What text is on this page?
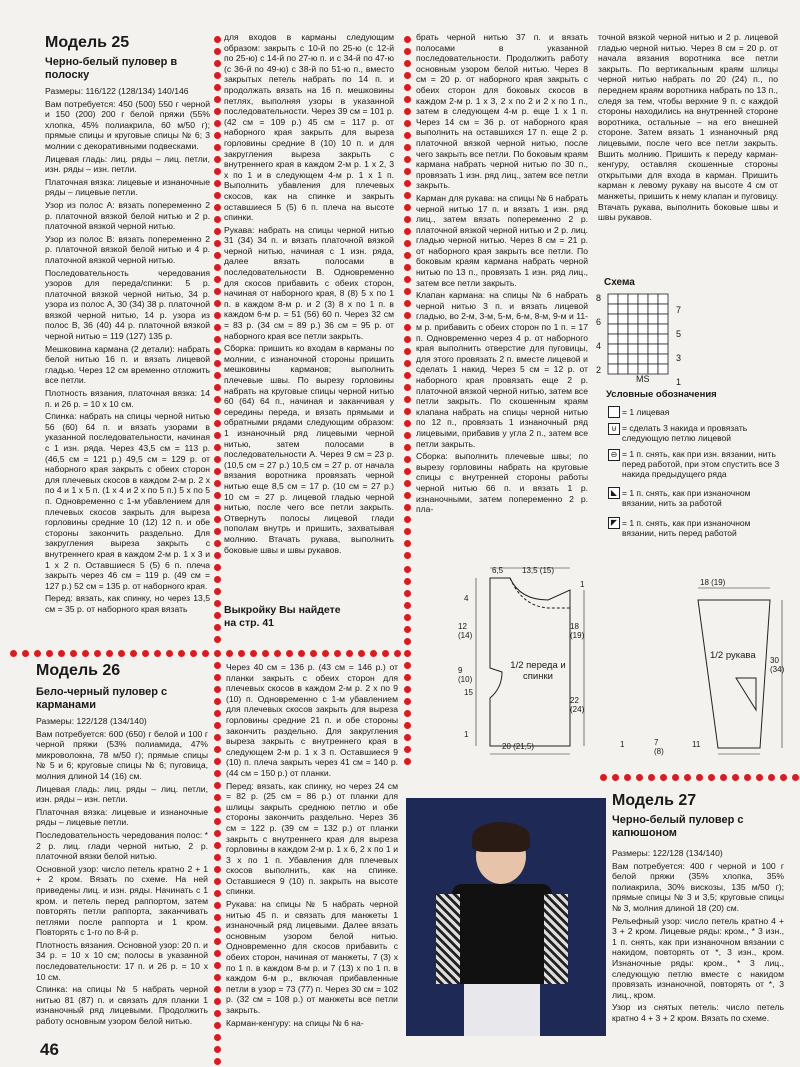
Модель 25
Черно-белый пуловер в полоску

Размеры: 116/122 (128/134) 140/146

Вам потребуется: 450 (500) 550 г черной и 150 (200) 200 г белой пряжи (55% хлопка, 45% полиакрила, 60 м/50 г); прямые спицы и круговые спицы № 6; 3 молнии с декоративными подвесками.

Лицевая гладь: лиц. ряды – лиц. петли, изн. ряды – изн. петли.

Платочная вязка: лицевые и изнаночные ряды – лицевые петли.

Узор из полос А: вязать попеременно 2 р. платочной вязкой белой нитью и 2 р. платочной вязкой черной нитью.

Узор из полос В: вязать попеременно 2 р. платочной вязкой белой нитью и 4 р. платочной вязкой черной нитью.

Последовательность чередования узоров для переда/спинки: 5 р. платочной вязкой черной нитью, 34 р. узора из полос А, 30 (34) 38 р. платочной вязкой черной нитью, 14 р. узора из полос В, 36 (40) 44 р. платочной вязкой черной нитью = 119 (127) 135 р.

Мешковина кармана (2 детали): набрать белой нитью 16 п. и вязать лицевой гладью. Через 12 см временно отложить все петли.

Плотность вязания, платочная вязка: 14 п. и 26 р. = 10 х 10 см.

Спинка: набрать на спицы черной нитью 56 (60) 64 п. и вязать узорами в указанной последовательности, начиная с 1 изн. ряда. Через 43,5 см = 113 р. (46,5 см = 121 р.) 49,5 см = 129 р. от наборного края закрыть с обеих сторон для плечевых скосов в каждом 2-м р. 2 х по 4 и 1 х 5 п. (1 х 4 и 2 х по 5 п.) 5 х по 5 п. Одновременно с 1-м убавлением для плечевых скосов закрыть для выреза горловины средние 10 (12) 12 п. и обе стороны закончить раздельно. Для закругления выреза закрыть с внутреннего края в каждом 2-м р. 1 х 3 и 1 х 2 п. Оставшиеся 5 (5) 6 п. плеча закрыть через 46 см = 119 р. (49 см = 127 р.) 52 см = 135 р. от наборного края.

Перед: вязать, как спинку, но через 13,5 см = 35 р. от наборного края вязать

для входов в карманы следующим образом: закрыть с 10-й по 25-ю (с 12-й по 25-ю) с 14-й по 27-ю п. и с 34-й по 47-ю (с 36-й по 49-ю) с 38-й по 51-ю п., вместо закрытых петель набрать по 14 п. и продолжать вязать на 16 п. мешковины петлях, выполняя узоры в указанной последовательности. Через 39 см = 101 р. (42 см = 109 р.) 45 см = 117 р. от наборного края закрыть для выреза горловины средние 8 (10) 10 п. и для закругления выреза закрыть с внутреннего края в каждом 2-м р. 1 х 2, 3 х по 1 и в следующем 4-м р. 1 х 1 п. Выполнить убавления для плечевых скосов, как на спинке и закрыть оставшиеся 5 (5) 6 п. плеча на высоте спинки.

Рукава: набрать на спицы черной нитью 31 (34) 34 п. и вязать платочной вязкой черной нитью, начиная с 1 изн. ряда, далее вязать полосами в последовательности В. Одновременно для скосов прибавить с обеих сторон, начиная от наборного края, 8 (8) 5 х по 1 п. в каждом 8-м р. и 2 (3) 8 х по 1 п. в каждом 6-м р. = 51 (56) 60 п. Через 32 см = 83 р. (34 см = 89 р.) 36 см = 95 р. от наборного края все петли закрыть.

Сборка: пришить ко входам в карманы по молнии, с изнаночной стороны пришить мешковины карманов; выполнить плечевые швы. По вырезу горловины набрать на круговые спицы черной нитью 60 (64) 64 п., начиная и заканчивая у середины переда, и вязать прямыми и обратными рядами следующим образом: 1 изнаночный ряд лицевыми черной нитью, затем полосами в последовательности А. Через 9 см = 23 р. (10,5 см = 27 р.) 10,5 см = 27 р. от начала вязания воротника провязать черной нитью еще 8,5 см = 17 р. (10 см = 27 р.) 10 см = 27 р. лицевой гладью черной нитью, после чего все петли закрыть. Отвернуть полосы лицевой глади пополам внутрь и пришить, захватывая молнию. Втачать рукава, выполнить боковые швы и швы рукавов.

Выкройку Вы найдете на стр. 41

брать черной нитью 37 п. и вязать полосами в указанной последовательности. Продолжить работу основным узором белой нитью. Через 8 см = 20 р. от наборного края закрыть с обеих сторон для боковых скосов в каждом 2-м р. 1 х 3, 2 х по 2 и 2 х по 1 п., затем в следующем 4-м р. еще 1 х 1 п. Через 14 см = 36 р. от наборного края выполнить на оставшихся 17 п. еще 2 р. платочной вязкой черной нитью, после чего закрыть все петли. По боковым краям кармана набрать черной нитью по 30 п., провязать 1 изн. ряд лиц., затем все петли закрыть.

Карман для рукава: на спицы № 6 набрать черной нитью 17 п. и вязать 1 изн. ряд лиц., затем вязать попеременно 2 р. платочной вязкой черной нитью и 2 р. лиц. гладью черной нитью. Через 8 см = 21 р. от наборного края закрыть все петли. По боковым краям кармана набрать черной нитью по 13 п., провязать 1 изн. ряд лиц., затем все петли закрыть.

Клапан кармана: на спицы № 6 набрать черной нитью 3 п. и вязать лицевой гладью, во 2-м, 3-м, 5-м, 6-м, 8-м, 9-м и 11-м р. прибавить с обеих сторон по 1 п. = 17 п. Одновременно через 4 р. от наборного края выполнить отверстие для пуговицы, для этого провязать 2 п. вместе лицевой и сделать 1 накид. Через 5 см = 12 р. от наборного края провязать еще 2 р. платочной вязкой черной нитью, затем все петли закрыть. По скошенным краям клапана набрать на спицы черной нитью по 12 п., провязать 1 изнаночный ряд лицевыми, прибавив у угла 2 п., затем все петли закрыть.

Сборка: выполнить плечевые швы; по вырезу горловины набрать на круговые спицы с внутренней стороны работы черной нитью 66 п. и вязать 1 р. изнаночными, затем попеременно 2 р. пла-

точной вязкой черной нитью и 2 р. лицевой гладью черной нитью. Через 8 см = 20 р. от начала вязания воротника все петли закрыть. По вертикальным краям шлицы черной нитью набрать по 20 (24) п., по переднем краям воротника набрать по 13 п., следя за тем, чтобы верхние 9 п. с каждой стороны находились на внутренней стороне воротника, остальные – на его внешней стороне. Затем вязать 1 изнаночный ряд лицевыми, после чего все петли закрыть. Вшить молнию. Пришить к переду карман-кенгуру, оставляя скошенные стороны открытыми для входа в карман. Пришить карман к левому рукаву на высоте 4 см от манжеты, пришить к нему клапан и пуговицу. Втачать рукава, выполнить боковые швы и швы рукавов.

Схема
8
6
4
2
7
5
3
1
MS
Условные обозначения
= 1 лицевая
⊍ = сделать 3 накида и провязать следующую петлю лицевой
⊖ = 1 п. снять, как при изн. вязании, нить перед работой, при этом спустить все 3 накида предыдущего ряда
◣ = 1 п. снять, как при изнаночном вязании, нить за работой
◤ = 1 п. снять, как при изнаночном вязании, нить перед работой
1/2 переда и спинки
1/2 рукава
6,5 13,5 (15)
1
4
12 (14)
18 (19)
9 (10)
15
22 (24)
1
20 (21,5)
18 (19)
30 (34)
7 (8)
11
1
Модель 26
Бело-черный пуловер с карманами

Размеры: 122/128 (134/140)

Вам потребуется: 600 (650) г белой и 100 г черной пряжи (53% полиамида, 47% микроволокна, 78 м/50 г); прямые спицы № 5 и 6; круговые спицы № 6; пуговица, молния длиной 14 (16) см.

Лицевая гладь: лиц. ряды – лиц. петли, изн. ряды – изн. петли.

Платочная вязка: лицевые и изнаночные ряды – лицевые петли.

Последовательность чередования полос: * 2 р. лиц. глади черной нитью, 2 р. платочной вязки белой нитью.

Основной узор: число петель кратно 2 + 1 + 2 кром. Вязать по схеме. На ней приведены лиц. и изн. ряды. Начинать с 1 кром. и петель перед раппортом, затем повторять петли раппорта, заканчивать петлями после раппорта и 1 кром. Повторять с 1-го по 8-й р.

Плотность вязания. Основной узор: 20 п. и 34 р. = 10 х 10 см; полосы в указанной последовательности: 17 п. и 26 р. = 10 х 10 см.

Спинка: на спицы № 5 набрать черной нитью 81 (87) п. и связать для планки 1 изнаночный ряд лицевыми. Продолжить работу основным узором белой нитью.

Через 40 см = 136 р. (43 см = 146 р.) от планки закрыть с обеих сторон для плечевых скосов в каждом 2-м р. 2 х по 9 (10) п. Одновременно с 1-м убавлением для плечевых скосов закрыть для выреза горловины средние 21 п. и обе стороны закончить раздельно. Для закругления выреза закрыть с внутреннего края в следующем 2-м р. 1 х 3 п. Оставшиеся 9 (10) п. плеча закрыть через 41 см = 140 р. (44 см = 150 р.) от планки.

Перед: вязать, как спинку, но через 24 см = 82 р. (25 см = 86 р.) от планки для шлицы закрыть среднюю петлю и обе стороны закончить раздельно. Через 36 см = 122 р. (39 см = 132 р.) от планки закрыть с внутреннего края для выреза горловины в каждом 2-м р. 1 х 6, 2 х по 1 и 3 х по 1 п. Убавления для плечевых скосов выполнить, как на спинке. Оставшиеся 9 (10) п. закрыть на высоте спинки.

Рукава: на спицы № 5 набрать черной нитью 45 п. и связать для манжеты 1 изнаночный ряд лицевыми. Далее вязать основным узором белой нитью. Одновременно для скосов прибавить с обеих сторон, начиная от манжеты, 7 (3) х по 1 п. в каждом 8-м р. и 7 (13) х по 1 п. в каждом 6-м р., включая прибавленные петли в узор = 73 (77) п. Через 30 см = 102 р. (32 см = 108 р.) от манжеты все петли закрыть.

Карман-кенгуру: на спицы № 6 на-

46
Модель 27
Черно-белый пуловер с капюшоном

Размеры: 122/128 (134/140)

Вам потребуется: 400 г черной и 100 г белой пряжи (35% хлопка, 35% полиакрила, 30% вискозы, 135 м/50 г); прямые спицы № 3 и 3,5; круговые спицы № 3, молния длиной 18 (20) см.

Рельефный узор: число петель кратно 4 + 3 + 2 кром. Лицевые ряды: кром., * 3 изн., 1 п. снять, как при изнаночном вязании с накидом, повторять от *, 3 изн., кром. Изнаночные ряды: кром., * 3 лиц., следующую петлю вместе с накидом провязать изнаночной, повторять от *, 3 лиц., кром.

Узор из снятых петель: число петель кратно 4 + 3 + 2 кром. Вязать по схеме.
